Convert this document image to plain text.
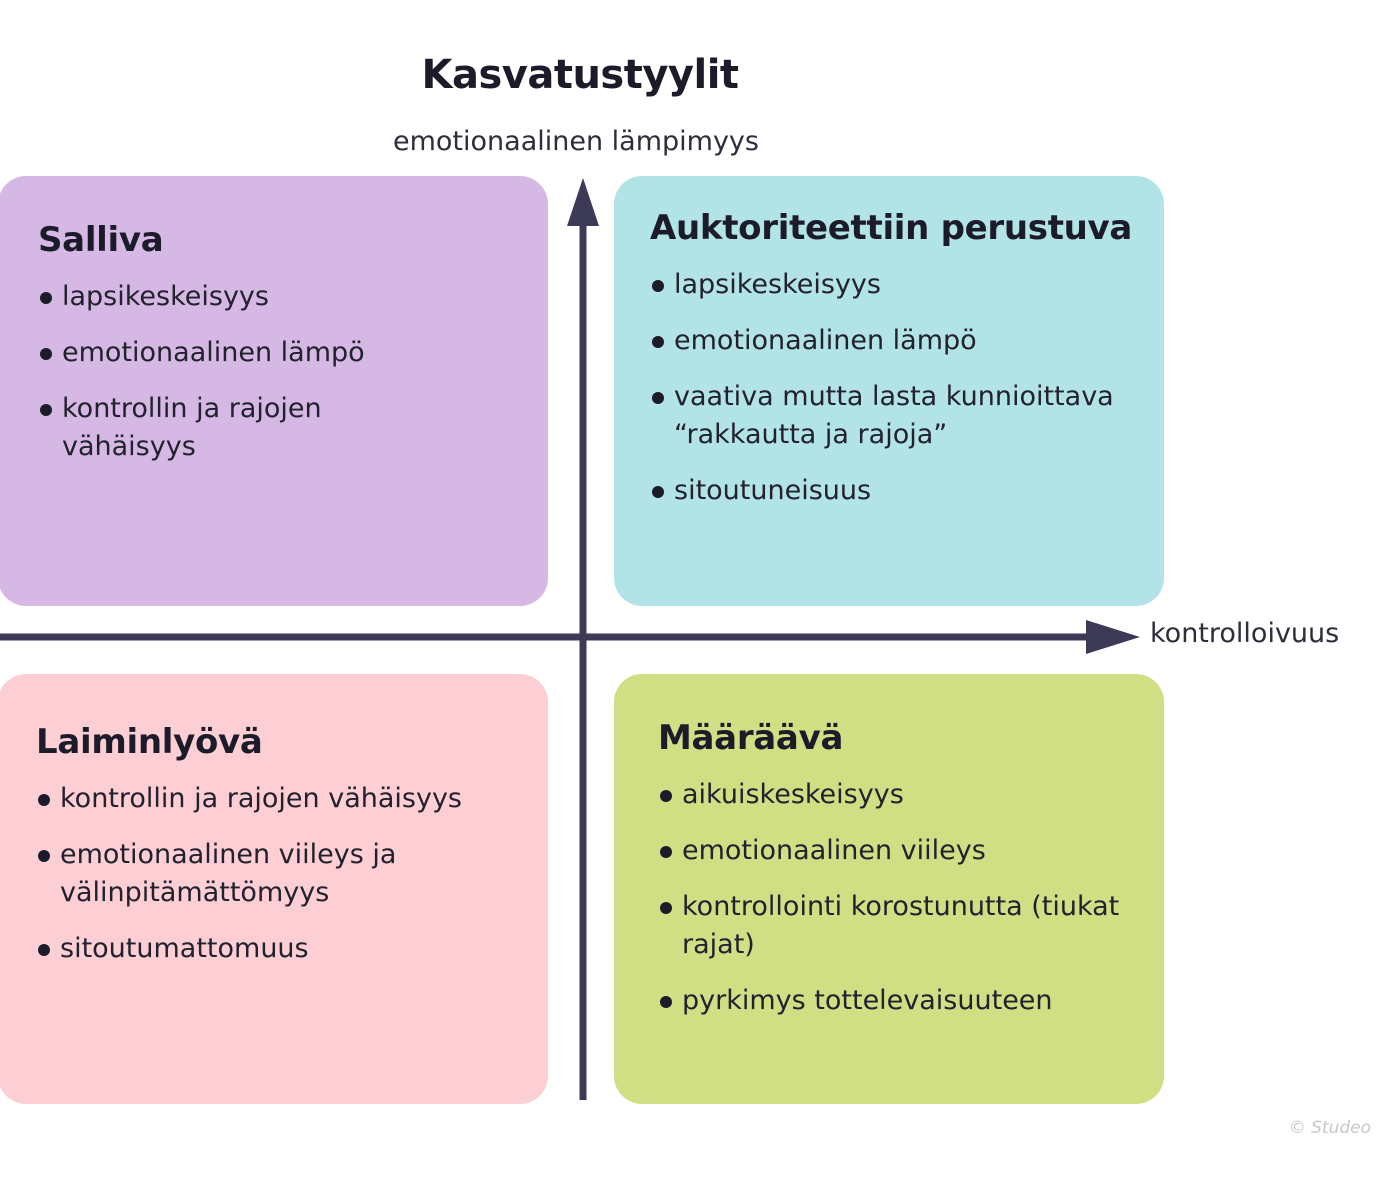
Kasvatustyylit
emotionaalinen lämpimyys
kontrolloivuus
Salliva
lapsikeskeisyys
emotionaalinen lämpö
kontrollin ja rajojen vähäisyys
Auktoriteettiin perustuva
lapsikeskeisyys
emotionaalinen lämpö
vaativa mutta lasta kunnioittava “rakkautta ja rajoja”
sitoutuneisuus
Laiminlyövä
kontrollin ja rajojen vähäisyys
emotionaalinen viileys ja välinpitämättömyys
sitoutumattomuus
Määräävä
aikuiskeskeisyys
emotionaalinen viileys
kontrollointi korostunutta (tiukat rajat)
pyrkimys tottelevaisuuteen
© Studeo
